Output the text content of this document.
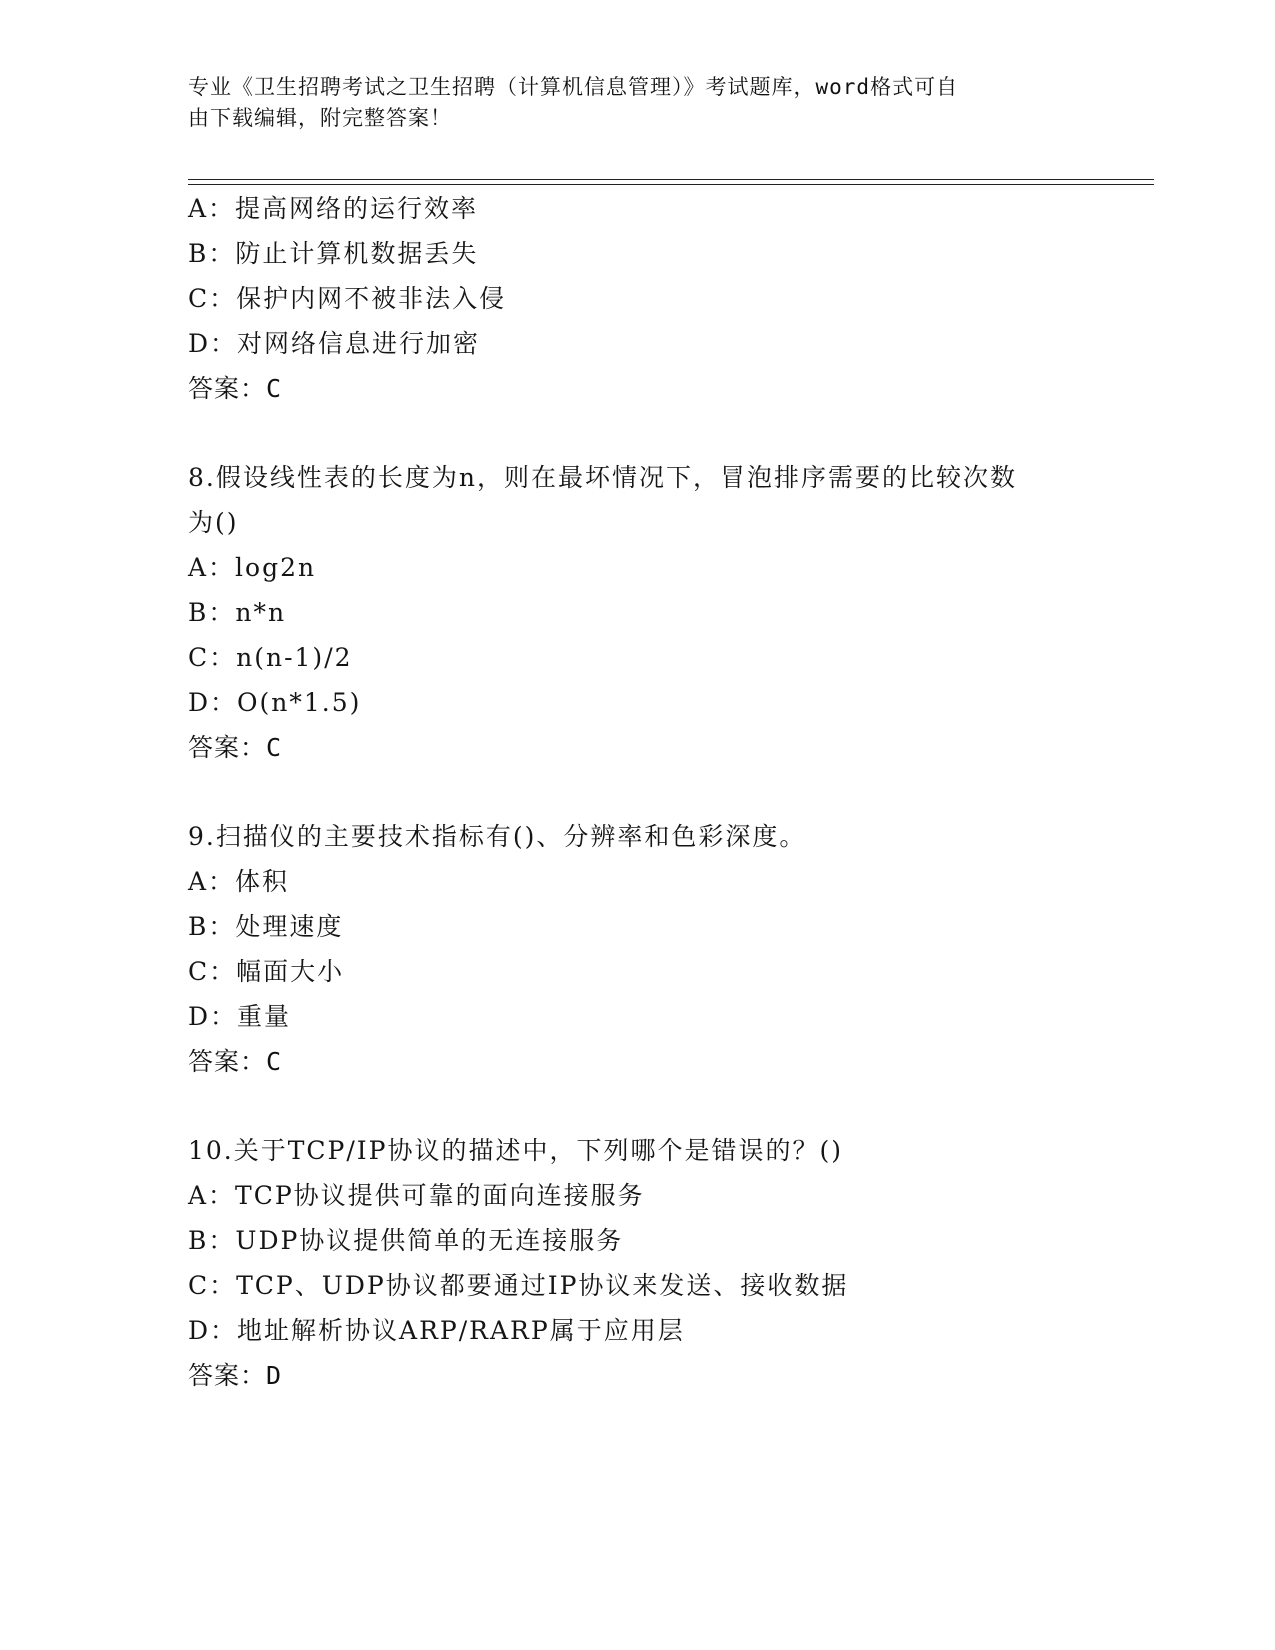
专业《卫生招聘考试之卫生招聘（计算机信息管理）》考试题库，word格式可自
由下载编辑，附完整答案！
A：提高网络的运行效率
B：防止计算机数据丢失
C：保护内网不被非法入侵
D：对网络信息进行加密
答案：C
8.假设线性表的长度为n，则在最坏情况下，冒泡排序需要的比较次数
为()
A：log2n
B：n*n
C：n(n-1)/2
D：O(n*1.5)
答案：C
9.扫描仪的主要技术指标有()、分辨率和色彩深度。
A：体积
B：处理速度
C：幅面大小
D：重量
答案：C
10.关于TCP/IP协议的描述中，下列哪个是错误的？()
A：TCP协议提供可靠的面向连接服务
B：UDP协议提供简单的无连接服务
C：TCP、UDP协议都要通过IP协议来发送、接收数据
D：地址解析协议ARP/RARP属于应用层
答案：D
